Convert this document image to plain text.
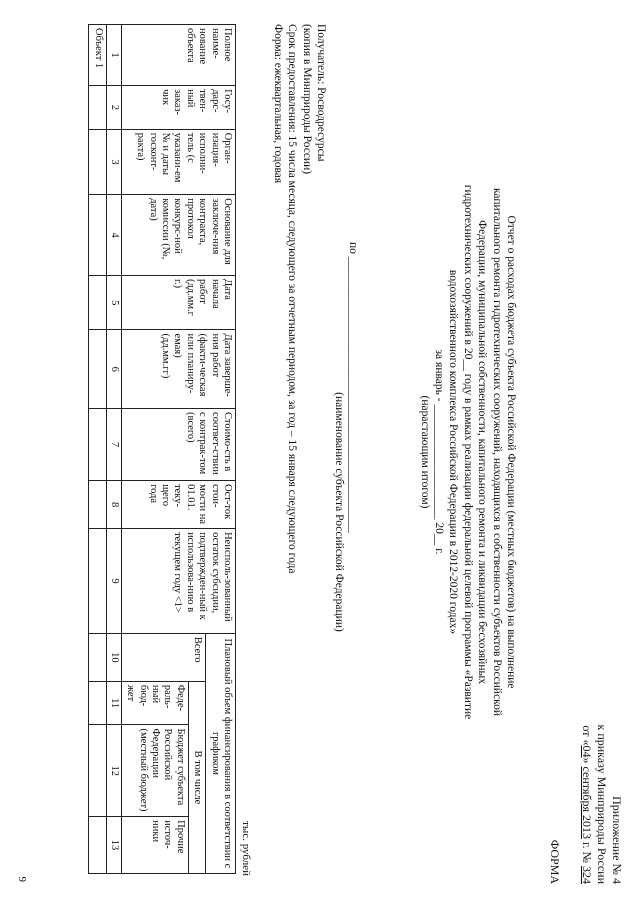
Приложение № 4
к приказу Минприроды России
от «04» сентября 2013 г. № 324
ФОРМА
Отчет о расходах бюджета субъекта Российской Федерации (местных бюджетов) на выполнение
капитального ремонта гидротехнических сооружений, находящихся в собственности субъектов Российской
Федерации, муниципальной собственности, капитального ремонта и ликвидации бесхозяйных
гидротехнических сооружений в 20__ году в рамках реализации федеральной целевой программы «Развитие
водохозяйственного комплекса Российской Федерации в 2012-2020 годах»
за январь - ____________________ 20__ г.
(нарастающим итогом)
по ________________________________________________
(наименование субъекта Российской Федерации)
Получатель: Росводресурсы
(копия в Минприроды России)
Срок предоставления: 15 числа месяца, следующего за отчетным периодом, за год – 15 января следующего года
Форма: ежеквартальная, годовая
тыс. рублей
Полное наиме-нование объекта	Госу-дарс-твен-ный заказ-чик	Орган-изация-исполни-тель (с указани-ем № и даты госконт-ракта)	Основание для заключе-ния контракта, протокол конкурс-ной комиссии (№, дата)	Дата начала работ (дд.мм.г г.)	Дата заверше-ния работ (факти-ческая или планиру-емая) (дд.мм.гг)	Стоимо-сть в соответ-ствии с контрак-том (всего)	Ост-ток стои-мости на 01.01. теку-щего года	Неисполь-зованный остаток субсидии, подтвержден-ный к использова-нию в текущем году <1>	Плановый объем финансирования в соответствии с графиком			
									Всего	В том числе		
										Феде-раль-ный бюд-жет	Бюджет субъекта Российской Федерации (местный бюджет)	Прочие источ-ники
1	2	3	4	5	6	7	8	9	10	11	12	13
Объект 1												
9
